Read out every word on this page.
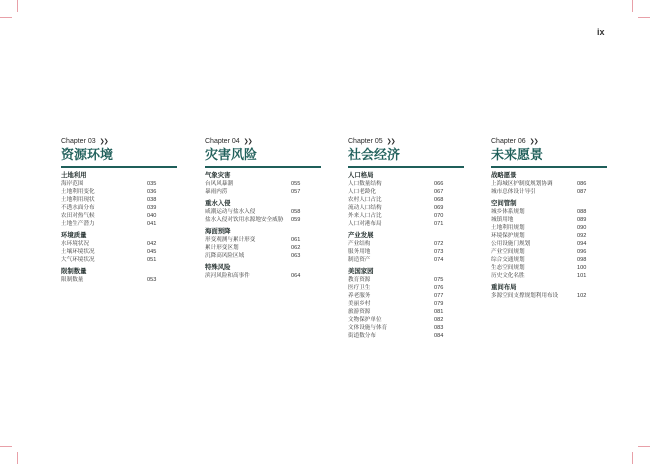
ix
Chapter 03 ❯❯
资源环境
土地利用
海岸范围	035
土地利用变化	036
土地利用现状	038
不透水面分布	039
农田对热气候	040
土地生产潜力	041
环境质量
水环境状况	042
土壤环境状况	045
大气环境状况	051
限制数量
限制数量	053
Chapter 04 ❯❯
灾害风险
气象灾害
台风风暴潮	055
暴雨内涝	057
重水入侵
咸潮运动与盐水入侵	058
盐水入侵对饮用水源地安全威胁 059
海面预降
形变观测与累计形变	061
累计形变区划	062
沉降高风险区域	063
特殊风险
滨河风险和高事件	064
Chapter 05 ❯❯
社会经济
人口格局
人口数量结构	066
人口老龄化	067
农村人口占比	068
流动人口结构	069
外来人口占比	070
人口对港布局	071
产业发展
产业结构	072
服务用地	073
制造资产	074
美国家园
教育资源	075
医疗卫生	076
养老服务	077
美丽乡村	079
旅游资源	081
文物保护单位	082
文体设施与体育	083
街道数分布	084
Chapter 06 ❯❯
未来愿景
战略愿景
上海城区护制度规划协调	086
城市总体设计导引	087
空间管制
城乡体系规划	088
城镇用地	089
土地利用规划	090
环境保护规划	092
公用设施门规划	094
产业空间规划	096
综合交通规划	098
生态空间规划	100
历史文化名胜	101
重间布局
多源空间支撑规划利用布设	102
